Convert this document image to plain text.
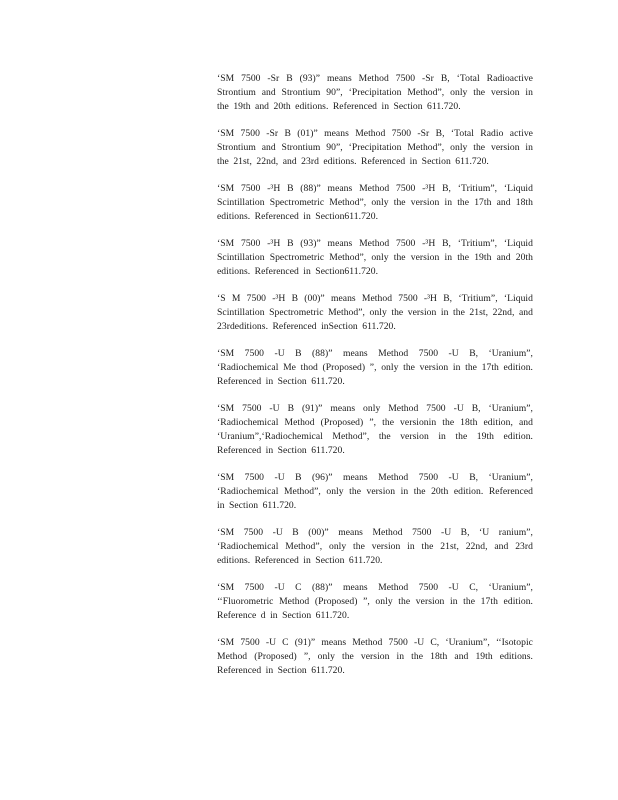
‘SM 7500 -Sr B (93)” means Method 7500 -Sr B, ‘Total Radioactive Strontium and Strontium 90”, ‘Precipitation Method”, only the version in the 19th and 20th editions. Referenced in Section 611.720.

‘SM 7500 -Sr B (01)” means Method 7500 -Sr B, ‘Total Radio active Strontium and Strontium 90”, ‘Precipitation Method”, only the version in the 21st, 22nd, and 23rd editions. Referenced in Section 611.720.

‘SM 7500 -³H B (88)” means Method 7500 -³H B, ‘Tritium”, ‘Liquid Scintillation Spectrometric Method”, only the version in the 17th and 18th editions. Referenced in Section611.720.

‘SM 7500 -³H B (93)” means Method 7500 -³H B, ‘Tritium”, ‘Liquid Scintillation Spectrometric Method”, only the version in the 19th and 20th editions. Referenced in Section611.720.

‘S M 7500 -³H B (00)” means Method 7500 -³H B, ‘Tritium”, ‘Liquid Scintillation Spectrometric Method”, only the version in the 21st, 22nd, and 23rdeditions. Referenced inSection 611.720.

‘SM 7500 -U B (88)” means Method 7500 -U B, ‘Uranium”, ‘Radiochemical Me thod (Proposed) ”, only the version in the 17th edition. Referenced in Section 611.720.

‘SM 7500 -U B (91)” means only Method 7500 -U B, ‘Uranium”, ‘Radiochemical Method (Proposed) ”, the versionin the 18th edition, and ‘Uranium”,‘Radiochemical Method”, the version in the 19th edition. Referenced in Section 611.720.

‘SM 7500 -U B (96)” means Method 7500 -U B, ‘Uranium”, ‘Radiochemical Method”, only the version in the 20th edition. Referenced in Section 611.720.

‘SM 7500 -U B (00)” means Method 7500 -U B, ‘U ranium”, ‘Radiochemical Method”, only the version in the 21st, 22nd, and 23rd editions. Referenced in Section 611.720.

‘SM 7500 -U C (88)” means Method 7500 -U C, ‘Uranium”, ‘‘Fluorometric Method (Proposed) ”, only the version in the 17th edition. Reference d in Section 611.720.

‘SM 7500 -U C (91)” means Method 7500 -U C, ‘Uranium”, ‘‘Isotopic Method (Proposed) ”, only the version in the 18th and 19th editions. Referenced in Section 611.720.
